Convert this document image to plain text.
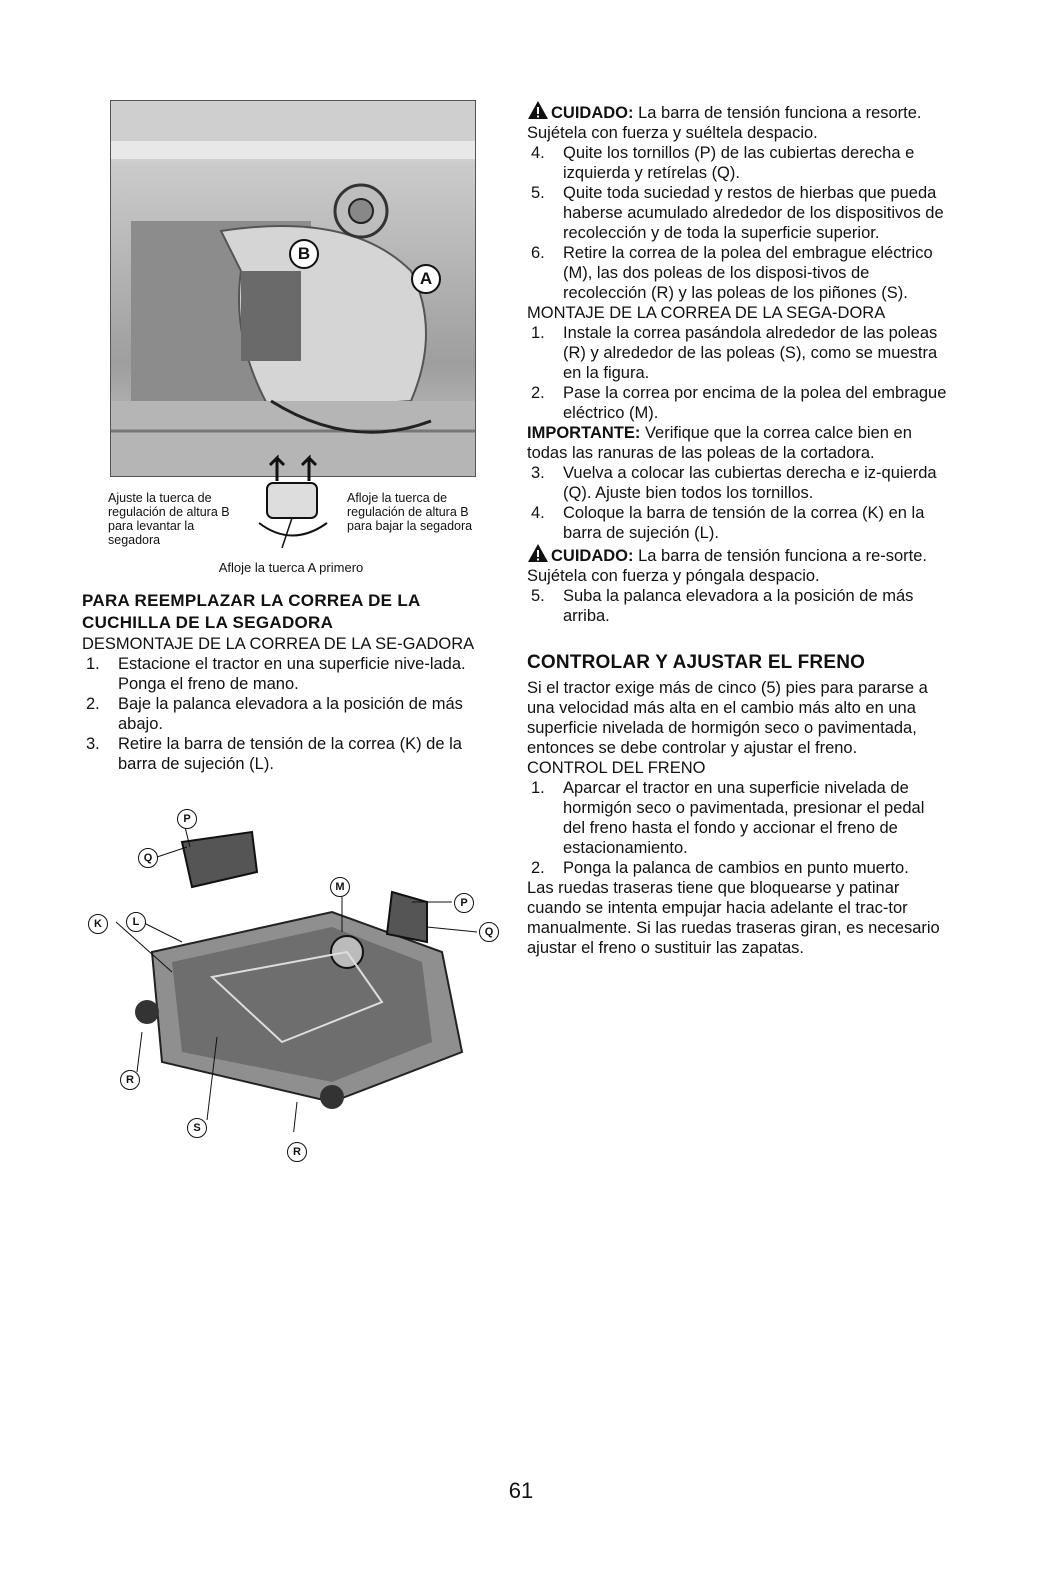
B
A
Ajuste la tuerca de regulación de altura B para levantar la segadora
Afloje la tuerca de regulación de altura B para bajar la segadora
Afloje la tuerca A primero
PARA REEMPLAZAR LA CORREA DE LA CUCHILLA DE LA SEGADORA
DESMONTAJE DE LA CORREA DE LA SE-GADORA
1. Estacione el tractor en una superficie nive-lada. Ponga el freno de mano.
2. Baje la palanca elevadora a la posición de más abajo.
3. Retire la barra de tensión de la correa (K) de la barra de sujeción (L).
Q
P
L
M
P
K
Q
R
S
R

CUIDADO: La barra de tensión funciona a resorte. Sujétela con fuerza y suéltela despacio.

4. Quite los tornillos (P) de las cubiertas derecha e izquierda y retírelas (Q).
5. Quite toda suciedad y restos de hierbas que pueda haberse acumulado alrededor de los dispositivos de recolección y de toda la superficie superior.
6. Retire la correa de la polea del embrague eléctrico (M), las dos poleas de los disposi-tivos de recolección (R) y las poleas de los piñones (S).
MONTAJE DE LA CORREA DE LA SEGA-DORA
1. Instale la correa pasándola alrededor de las poleas (R) y alrededor de las poleas (S), como se muestra en la figura.
2. Pase la correa por encima de la polea del embrague eléctrico (M).

IMPORTANTE: Verifique que la correa calce bien en todas las ranuras de las poleas de la cortadora.

3. Vuelva a colocar las cubiertas derecha e iz-quierda (Q). Ajuste bien todos los tornillos.
4. Coloque la barra de tensión de la correa (K) en la barra de sujeción (L).

CUIDADO: La barra de tensión funciona a re-sorte. Sujétela con fuerza y póngala despacio.

5. Suba la palanca elevadora a la posición de más arriba.
CONTROLAR Y AJUSTAR EL FRENO

Si el tractor exige más de cinco (5) pies para pararse a una velocidad más alta en el cambio más alto en una superficie nivelada de hormigón seco o pavimentada, entonces se debe controlar y ajustar el freno.

CONTROL DEL FRENO
1. Aparcar el tractor en una superficie nivelada de hormigón seco o pavimentada, presionar el pedal del freno hasta el fondo y accionar el freno de estacionamiento.
2. Ponga la palanca de cambios en punto muerto.

Las ruedas traseras tiene que bloquearse y patinar cuando se intenta empujar hacia adelante el trac-tor manualmente. Si las ruedas traseras giran, es necesario ajustar el freno o sustituir las zapatas.

61
